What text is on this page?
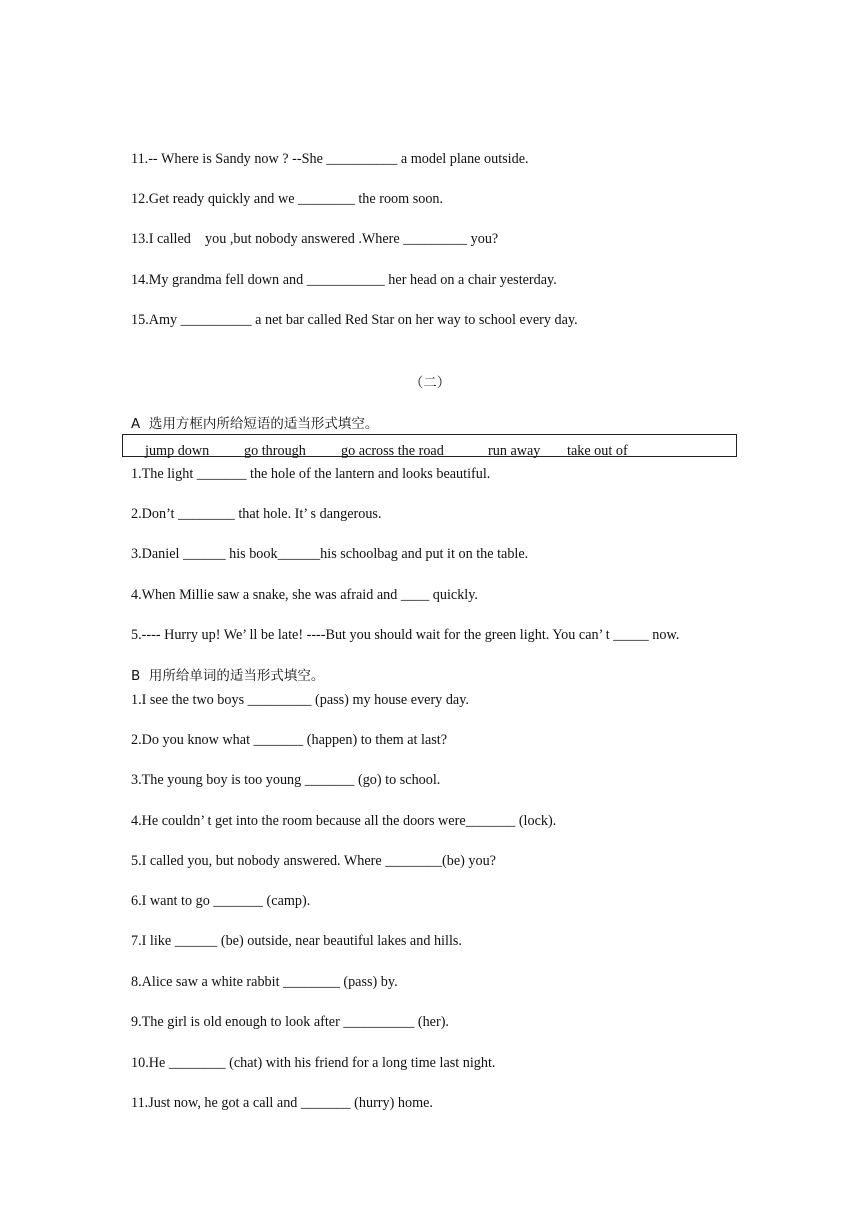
11.-- Where is Sandy now ? --She __________ a model plane outside.
12.Get ready quickly and we ________ the room soon.
13.I called    you ,but nobody answered .Where _________ you?
14.My grandma fell down and ___________ her head on a chair yesterday.
15.Amy __________ a net bar called Red Star on her way to school every day.
（二）
A  选用方框内所给短语的适当形式填空。
jump down go through go across the road	run away take out of
1.The light _______ the hole of the lantern and looks beautiful.
2.Don’t ________ that hole. It’ s dangerous.
3.Daniel ______ his book______his schoolbag and put it on the table.
4.When Millie saw a snake, she was afraid and ____ quickly.
5.---- Hurry up! We’ ll be late! ----But you should wait for the green light. You can’ t _____ now.
B  用所给单词的适当形式填空。
1.I see the two boys _________ (pass) my house every day.
2.Do you know what _______ (happen) to them at last?
3.The young boy is too young _______ (go) to school.
4.He couldn’ t get into the room because all the doors were_______ (lock).
5.I called you, but nobody answered. Where ________(be) you?
6.I want to go _______ (camp).
7.I like ______ (be) outside, near beautiful lakes and hills.
8.Alice saw a white rabbit ________ (pass) by.
9.The girl is old enough to look after __________ (her).
10.He ________ (chat) with his friend for a long time last night.
11.Just now, he got a call and _______ (hurry) home.
